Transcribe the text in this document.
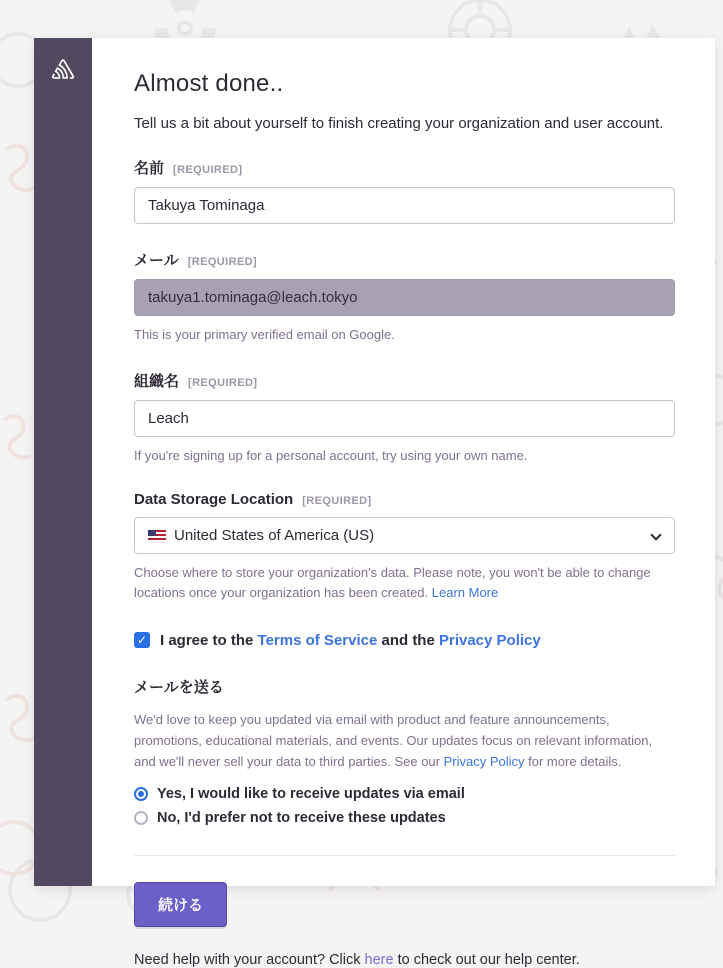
Almost done..

Tell us a bit about yourself to finish creating your organization and user account.

名前 [REQUIRED]
Takuya Tominaga
メール [REQUIRED]
takuya1.tominaga@leach.tokyo

This is your primary verified email on Google.

組織名 [REQUIRED]
Leach

If you're signing up for a personal account, try using your own name.

Data Storage Location [REQUIRED]
United States of America (US)

Choose where to store your organization's data. Please note, you won't be able to change locations once your organization has been created. Learn More

✓ I agree to the Terms of Service and the Privacy Policy
メールを送る

We'd love to keep you updated via email with product and feature announcements, promotions, educational materials, and events. Our updates focus on relevant information, and we'll never sell your data to third parties. See our Privacy Policy for more details.

Yes, I would like to receive updates via email
No, I'd prefer not to receive these updates
続ける

Need help with your account? Click here to check out our help center.
